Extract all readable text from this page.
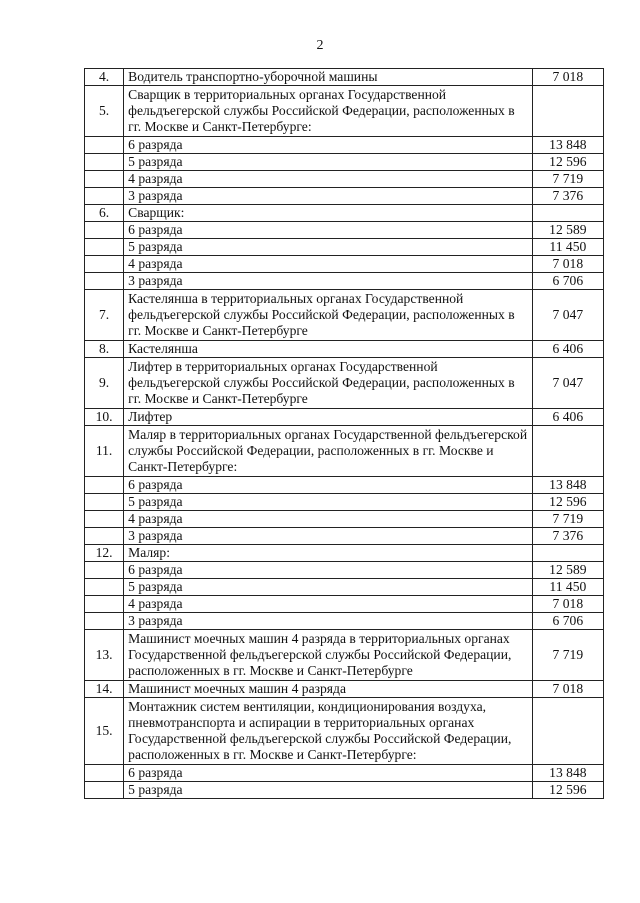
2
4.	Водитель транспортно-уборочной машины	7 018
5.	Сварщик в территориальных органах Государственной фельдъегерской службы Российской Федерации, расположенных в гг. Москве и Санкт-Петербурге:	
	6 разряда	13 848
	5 разряда	12 596
	4 разряда	7 719
	3 разряда	7 376
6.	Сварщик:	
	6 разряда	12 589
	5 разряда	11 450
	4 разряда	7 018
	3 разряда	6 706
7.	Кастелянша в территориальных органах Государственной фельдъегерской службы Российской Федерации, расположенных в гг. Москве и Санкт-Петербурге	7 047
8.	Кастелянша	6 406
9.	Лифтер в территориальных органах Государственной фельдъегерской службы Российской Федерации, расположенных в гг. Москве и Санкт-Петербурге	7 047
10.	Лифтер	6 406
11.	Маляр в территориальных органах Государственной фельдъегерской службы Российской Федерации, расположенных в гг. Москве и Санкт-Петербурге:	
	6 разряда	13 848
	5 разряда	12 596
	4 разряда	7 719
	3 разряда	7 376
12.	Маляр:	
	6 разряда	12 589
	5 разряда	11 450
	4 разряда	7 018
	3 разряда	6 706
13.	Машинист моечных машин 4 разряда в территориальных органах Государственной фельдъегерской службы Российской Федерации, расположенных в гг. Москве и Санкт-Петербурге	7 719
14.	Машинист моечных машин 4 разряда	7 018
15.	Монтажник систем вентиляции, кондиционирования воздуха, пневмотранспорта и аспирации в территориальных органах Государственной фельдъегерской службы Российской Федерации, расположенных в гг. Москве и Санкт-Петербурге:	
	6 разряда	13 848
	5 разряда	12 596
